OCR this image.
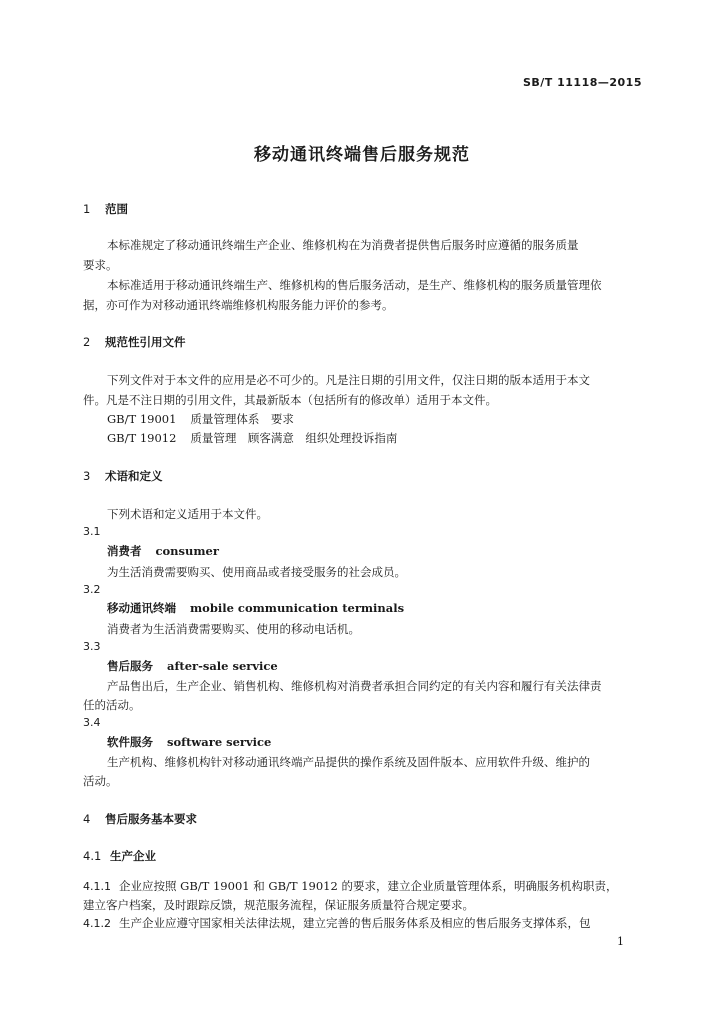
SB/T 11118—2015
移动通讯终端售后服务规范
1 范围
本标准规定了移动通讯终端生产企业、维修机构在为消费者提供售后服务时应遵循的服务质量
要求。
本标准适用于移动通讯终端生产、维修机构的售后服务活动，是生产、维修机构的服务质量管理依
据，亦可作为对移动通讯终端维修机构服务能力评价的参考。
2 规范性引用文件
下列文件对于本文件的应用是必不可少的。凡是注日期的引用文件，仅注日期的版本适用于本文
件。凡是不注日期的引用文件，其最新版本（包括所有的修改单）适用于本文件。
GB/T 19001 质量管理体系　要求
GB/T 19012 质量管理　顾客满意　组织处理投诉指南
3 术语和定义
下列术语和定义适用于本文件。
3.1
消费者 consumer
为生活消费需要购买、使用商品或者接受服务的社会成员。
3.2
移动通讯终端 mobile communication terminals
消费者为生活消费需要购买、使用的移动电话机。
3.3
售后服务 after-sale service
产品售出后，生产企业、销售机构、维修机构对消费者承担合同约定的有关内容和履行有关法律责
任的活动。
3.4
软件服务 software service
生产机构、维修机构针对移动通讯终端产品提供的操作系统及固件版本、应用软件升级、维护的
活动。
4 售后服务基本要求
4.1 生产企业
4.1.1 企业应按照 GB/T 19001 和 GB/T 19012 的要求，建立企业质量管理体系，明确服务机构职责，
建立客户档案，及时跟踪反馈，规范服务流程，保证服务质量符合规定要求。
4.1.2 生产企业应遵守国家相关法律法规，建立完善的售后服务体系及相应的售后服务支撑体系，包
1
